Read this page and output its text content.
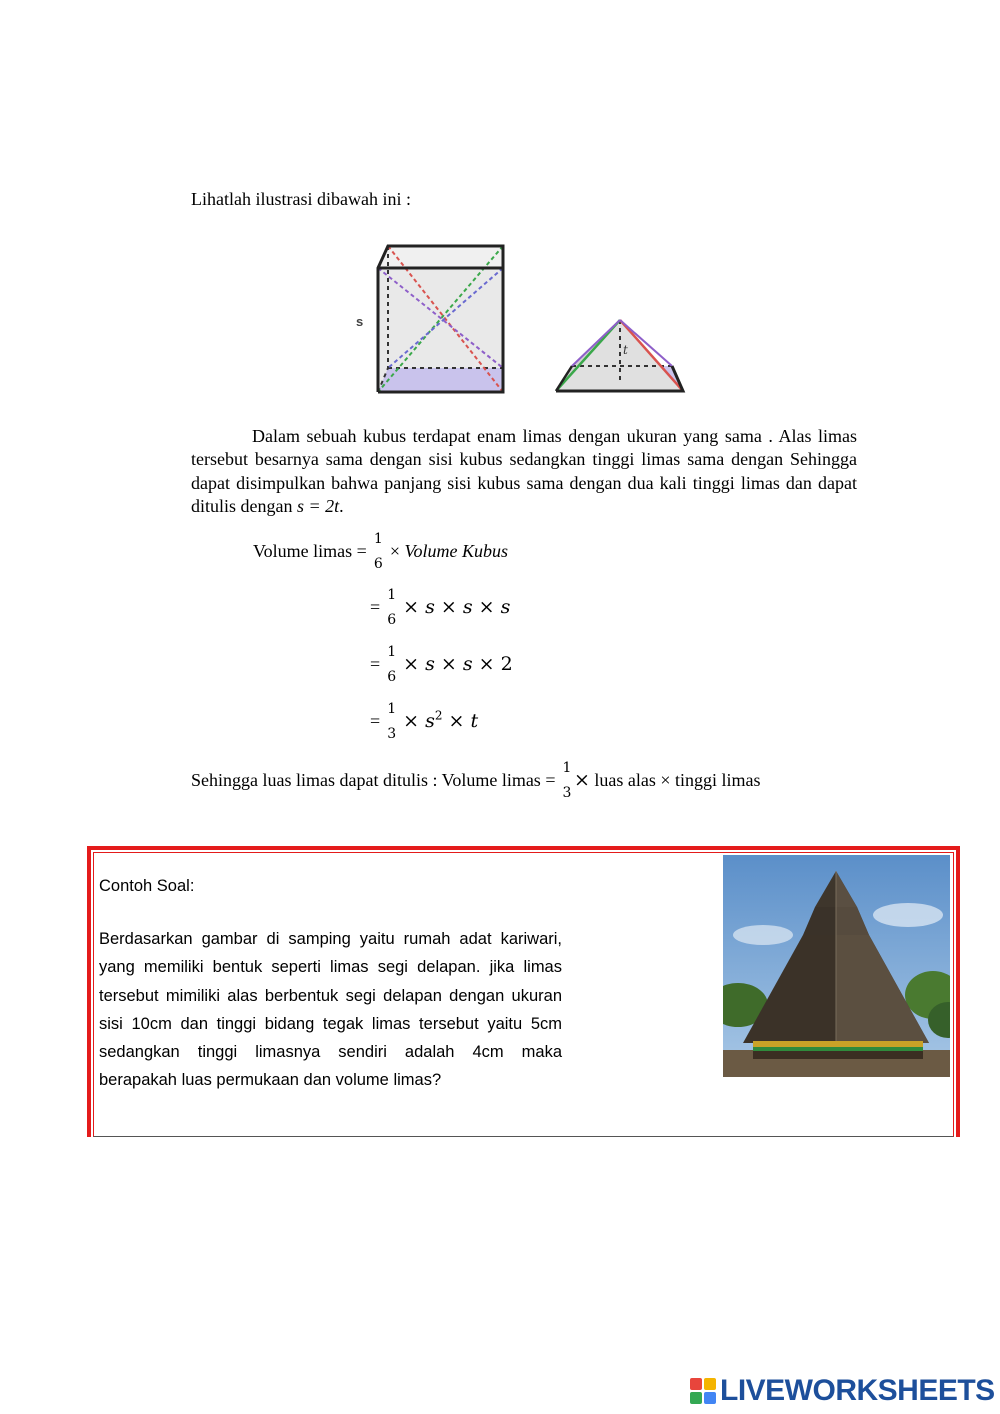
Lihatlah ilustrasi dibawah ini :
s
t

Dalam sebuah kubus terdapat enam limas dengan ukuran yang sama . Alas limas tersebut besarnya sama dengan sisi kubus sedangkan tinggi limas sama dengan Sehingga dapat disimpulkan bahwa panjang sisi kubus sama dengan dua kali tinggi limas dan dapat ditulis dengan s = 2t.

Volume limas =
1
6
× Volume Kubus
=
1
6
× 𝑠 × 𝑠 × 𝑠
=
1
6
× 𝑠 × 𝑠 × 2
=
1
3
× 𝑠$^2$ × 𝑡
Sehingga luas limas dapat ditulis : Volume limas =
1
3
× luas alas × tinggi limas
Contoh Soal:

Berdasarkan gambar di samping yaitu rumah adat kariwari, yang memiliki bentuk seperti limas segi delapan. jika limas tersebut mimiliki alas berbentuk segi delapan dengan ukuran sisi 10cm dan tinggi bidang tegak limas tersebut yaitu 5cm sedangkan tinggi limasnya sendiri adalah 4cm maka berapakah luas permukaan dan volume limas?

LIVEWORKSHEETS
